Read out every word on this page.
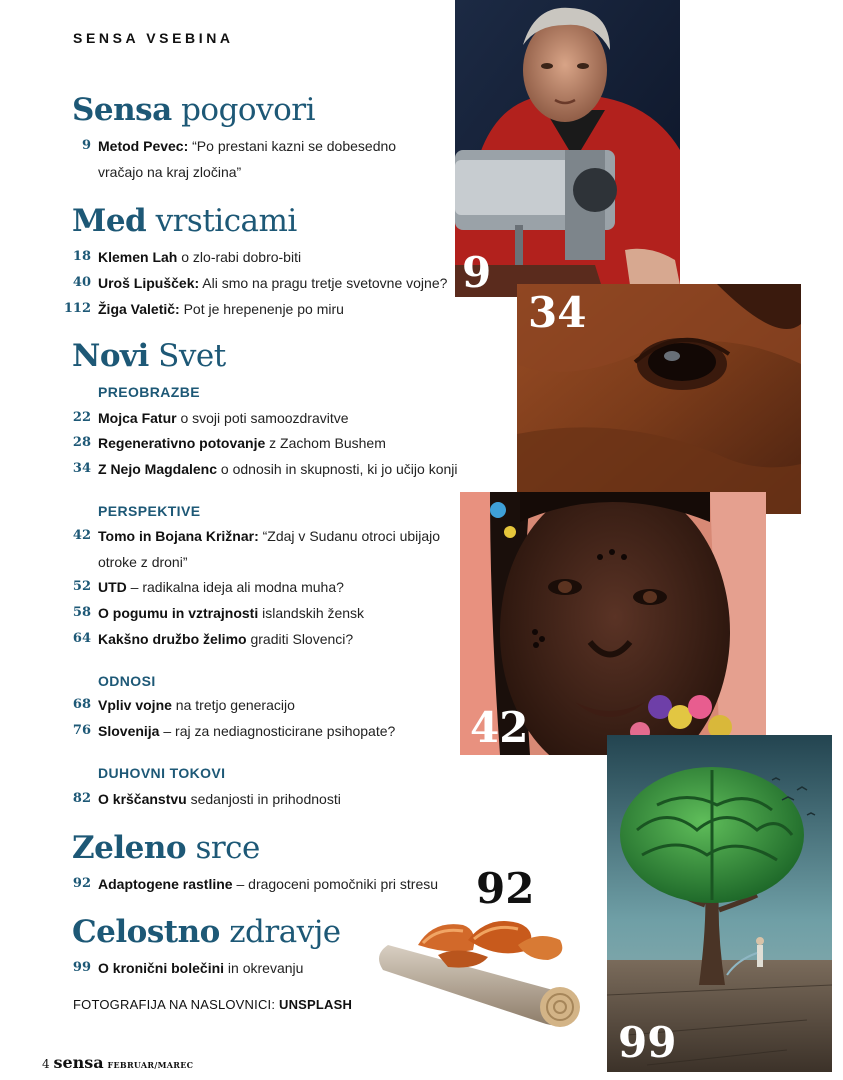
SENSA VSEBINA
Sensa pogovori
9 Metod Pevec: “Po prestani kazni se dobesedno
vračajo na kraj zločina”
Med vrsticami
18 Klemen Lah o zlo-rabi dobro-biti
40 Uroš Lipušček: Ali smo na pragu tretje svetovne vojne?
112 Žiga Valetič: Pot je hrepenenje po miru
Novi Svet
PREOBRAZBE
22 Mojca Fatur o svoji poti samoozdravitve
28 Regenerativno potovanje z Zachom Bushem
34 Z Nejo Magdalenc o odnosih in skupnosti, ki jo učijo konji
PERSPEKTIVE
42 Tomo in Bojana Križnar: “Zdaj v Sudanu otroci ubijajo
otroke z droni”
52 UTD – radikalna ideja ali modna muha?
58 O pogumu in vztrajnosti islandskih žensk
64 Kakšno družbo želimo graditi Slovenci?
ODNOSI
68 Vpliv vojne na tretjo generacijo
76 Slovenija – raj za nediagnosticirane psihopate?
DUHOVNI TOKOVI
82 O krščanstvu sedanjosti in prihodnosti
Zeleno srce
92 Adaptogene rastline – dragoceni pomočniki pri stresu
Celostno zdravje
99 O kronični bolečini in okrevanju
FOTOGRAFIJA NA NASLOVNICI: UNSPLASH
4 sensa FEBRUAR/MAREC
9
34
42
99
92
